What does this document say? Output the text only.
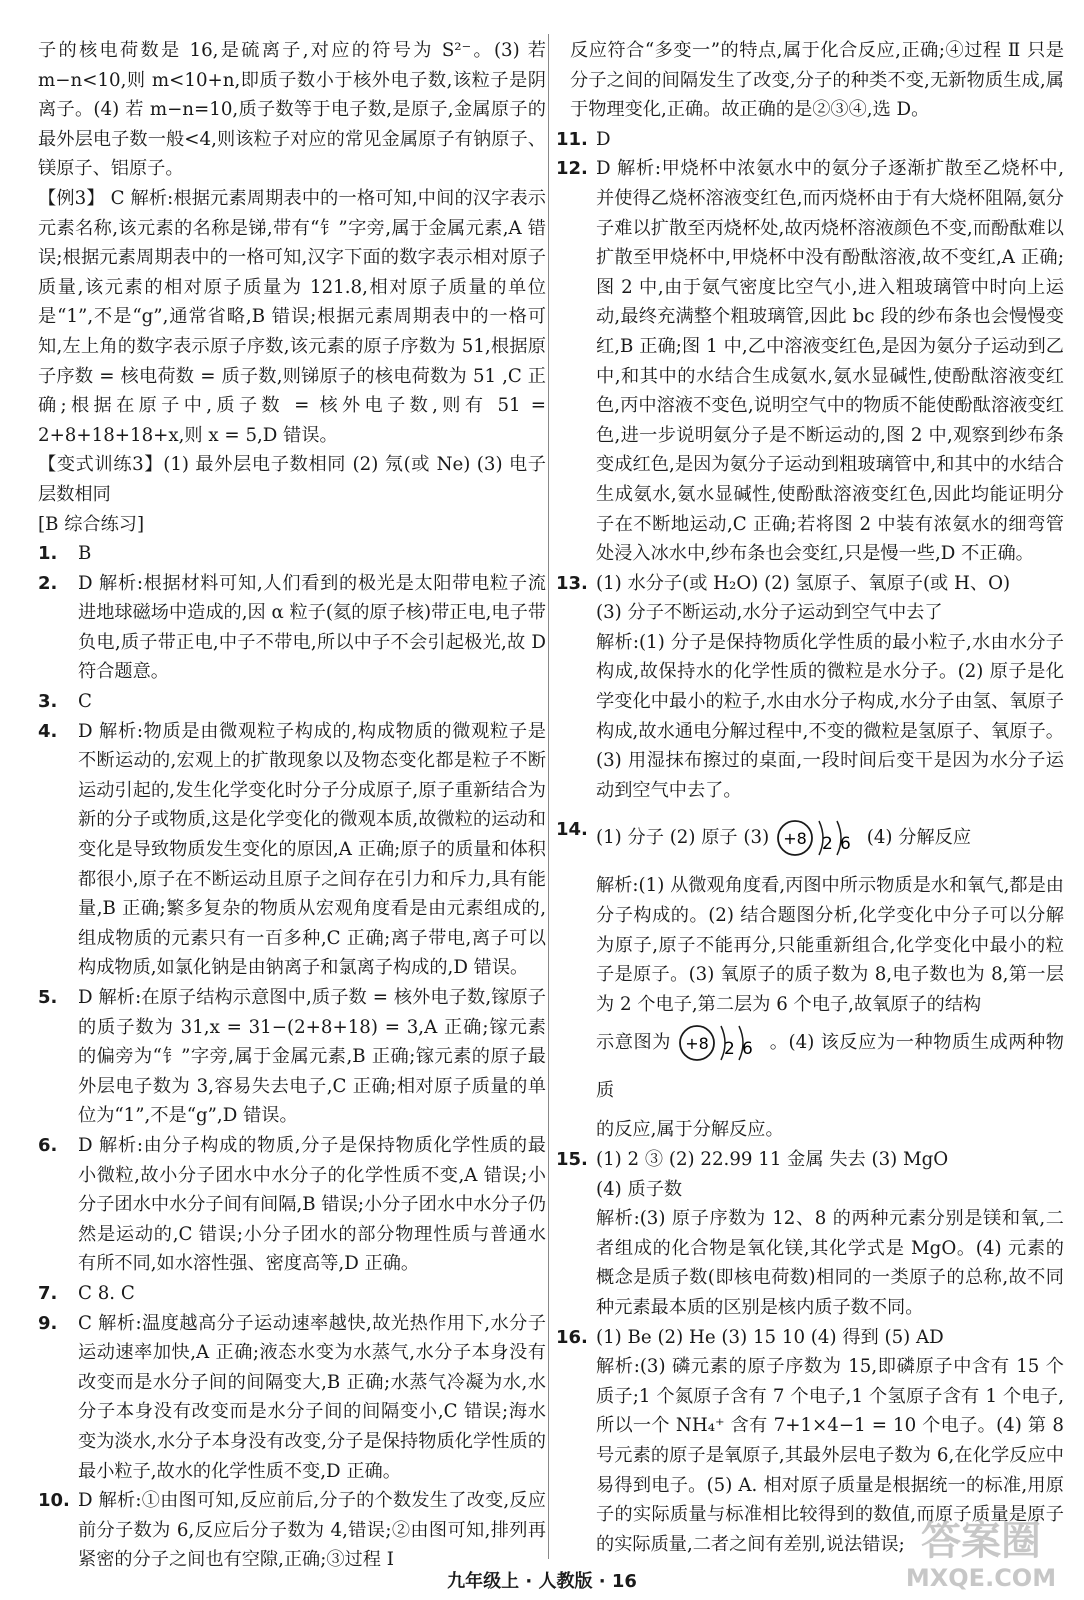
子的核电荷数是 16,是硫离子,对应的符号为 S²⁻。(3) 若 m−n<10,则 m<10+n,即质子数小于核外电子数,该粒子是阴离子。(4) 若 m−n=10,质子数等于电子数,是原子,金属原子的最外层电子数一般<4,则该粒子对应的常见金属原子有钠原子、镁原子、铝原子。

【例3】 C 解析:根据元素周期表中的一格可知,中间的汉字表示元素名称,该元素的名称是锑,带有“钅”字旁,属于金属元素,A 错误;根据元素周期表中的一格可知,汉字下面的数字表示相对原子质量,该元素的相对原子质量为 121.8,相对原子质量的单位是“1”,不是“g”,通常省略,B 错误;根据元素周期表中的一格可知,左上角的数字表示原子序数,该元素的原子序数为 51,根据原子序数 = 核电荷数 = 质子数,则锑原子的核电荷数为 51 ,C 正确;根据在原子中,质子数 = 核外电子数,则有 51 = 2+8+18+18+x,则 x = 5,D 错误。

【变式训练3】(1) 最外层电子数相同 (2) 氖(或 Ne) (3) 电子层数相同

[B 综合练习]

1.	B

2.	D 解析:根据材料可知,人们看到的极光是太阳带电粒子流进地球磁场中造成的,因 α 粒子(氦的原子核)带正电,电子带负电,质子带正电,中子不带电,所以中子不会引起极光,故 D 符合题意。

3.	C

4.	D 解析:物质是由微观粒子构成的,构成物质的微观粒子是不断运动的,宏观上的扩散现象以及物态变化都是粒子不断运动引起的,发生化学变化时分子分成原子,原子重新结合为新的分子或物质,这是化学变化的微观本质,故微粒的运动和变化是导致物质发生变化的原因,A 正确;原子的质量和体积都很小,原子在不断运动且原子之间存在引力和斥力,具有能量,B 正确;繁多复杂的物质从宏观角度看是由元素组成的,组成物质的元素只有一百多种,C 正确;离子带电,离子可以构成物质,如氯化钠是由钠离子和氯离子构成的,D 错误。

5.	D 解析:在原子结构示意图中,质子数 = 核外电子数,镓原子的质子数为 31,x = 31−(2+8+18) = 3,A 正确;镓元素的偏旁为“钅”字旁,属于金属元素,B 正确;镓元素的原子最外层电子数为 3,容易失去电子,C 正确;相对原子质量的单位为“1”,不是“g”,D 错误。

6.	D 解析:由分子构成的物质,分子是保持物质化学性质的最小微粒,故小分子团水中水分子的化学性质不变,A 错误;小分子团水中水分子间有间隔,B 错误;小分子团水中水分子仍然是运动的,C 错误;小分子团水的部分物理性质与普通水有所不同,如水溶性强、密度高等,D 正确。

7.	C 8. C

9.	C 解析:温度越高分子运动速率越快,故光热作用下,水分子运动速率加快,A 正确;液态水变为水蒸气,水分子本身没有改变而是水分子间的间隔变大,B 正确;水蒸气冷凝为水,水分子本身没有改变而是水分子间的间隔变小,C 错误;海水变为淡水,水分子本身没有改变,分子是保持物质化学性质的最小粒子,故水的化学性质不变,D 正确。

10. D 解析:①由图可知,反应前后,分子的个数发生了改变,反应前分子数为 6,反应后分子数为 4,错误;②由图可知,排列再紧密的分子之间也有空隙,正确;③过程 Ⅰ

反应符合“多变一”的特点,属于化合反应,正确;④过程 Ⅱ 只是分子之间的间隔发生了改变,分子的种类不变,无新物质生成,属于物理变化,正确。故正确的是②③④,选 D。

11. D

12. D 解析:甲烧杯中浓氨水中的氨分子逐渐扩散至乙烧杯中,并使得乙烧杯溶液变红色,而丙烧杯由于有大烧杯阻隔,氨分子难以扩散至丙烧杯处,故丙烧杯溶液颜色不变,而酚酞难以扩散至甲烧杯中,甲烧杯中没有酚酞溶液,故不变红,A 正确;图 2 中,由于氨气密度比空气小,进入粗玻璃管中时向上运动,最终充满整个粗玻璃管,因此 bc 段的纱布条也会慢慢变红,B 正确;图 1 中,乙中溶液变红色,是因为氨分子运动到乙中,和其中的水结合生成氨水,氨水显碱性,使酚酞溶液变红色,丙中溶液不变色,说明空气中的物质不能使酚酞溶液变红色,进一步说明氨分子是不断运动的,图 2 中,观察到纱布条变成红色,是因为氨分子运动到粗玻璃管中,和其中的水结合生成氨水,氨水显碱性,使酚酞溶液变红色,因此均能证明分子在不断地运动,C 正确;若将图 2 中装有浓氨水的细弯管处浸入冰水中,纱布条也会变红,只是慢一些,D 不正确。

13. (1) 水分子(或 H₂O) (2) 氢原子、氧原子(或 H、O)

(3) 分子不断运动,水分子运动到空气中去了

解析:(1) 分子是保持物质化学性质的最小粒子,水由水分子构成,故保持水的化学性质的微粒是水分子。(2) 原子是化学变化中最小的粒子,水由水分子构成,水分子由氢、氧原子构成,故水通电分解过程中,不变的微粒是氢原子、氧原子。(3) 用湿抹布擦过的桌面,一段时间后变干是因为水分子运动到空气中去了。

14. (1) 分子 (2) 原子 (3) +8 2 6 (4) 分解反应

解析:(1) 从微观角度看,丙图中所示物质是水和氧气,都是由分子构成的。(2) 结合题图分析,化学变化中分子可以分解为原子,原子不能再分,只能重新组合,化学变化中最小的粒子是原子。(3) 氧原子的质子数为 8,电子数也为 8,第一层为 2 个电子,第二层为 6 个电子,故氧原子的结构

示意图为 +8 2 6 。(4) 该反应为一种物质生成两种物质

的反应,属于分解反应。

15. (1) 2 ③ (2) 22.99 11 金属 失去 (3) MgO

(4) 质子数

解析:(3) 原子序数为 12、8 的两种元素分别是镁和氧,二者组成的化合物是氧化镁,其化学式是 MgO。(4) 元素的概念是质子数(即核电荷数)相同的一类原子的总称,故不同种元素最本质的区别是核内质子数不同。

16. (1) Be (2) He (3) 15 10 (4) 得到 (5) AD

解析:(3) 磷元素的原子序数为 15,即磷原子中含有 15 个质子;1 个氮原子含有 7 个电子,1 个氢原子含有 1 个电子,所以一个 NH₄⁺ 含有 7+1×4−1 = 10 个电子。(4) 第 8 号元素的原子是氧原子,其最外层电子数为 6,在化学反应中易得到电子。(5) A. 相对原子质量是根据统一的标准,用原子的实际质量与标准相比较得到的数值,而原子质量是原子的实际质量,二者之间有差别,说法错误;

九年级上 · 人教版 · 16
答案圈
MXQE.COM
